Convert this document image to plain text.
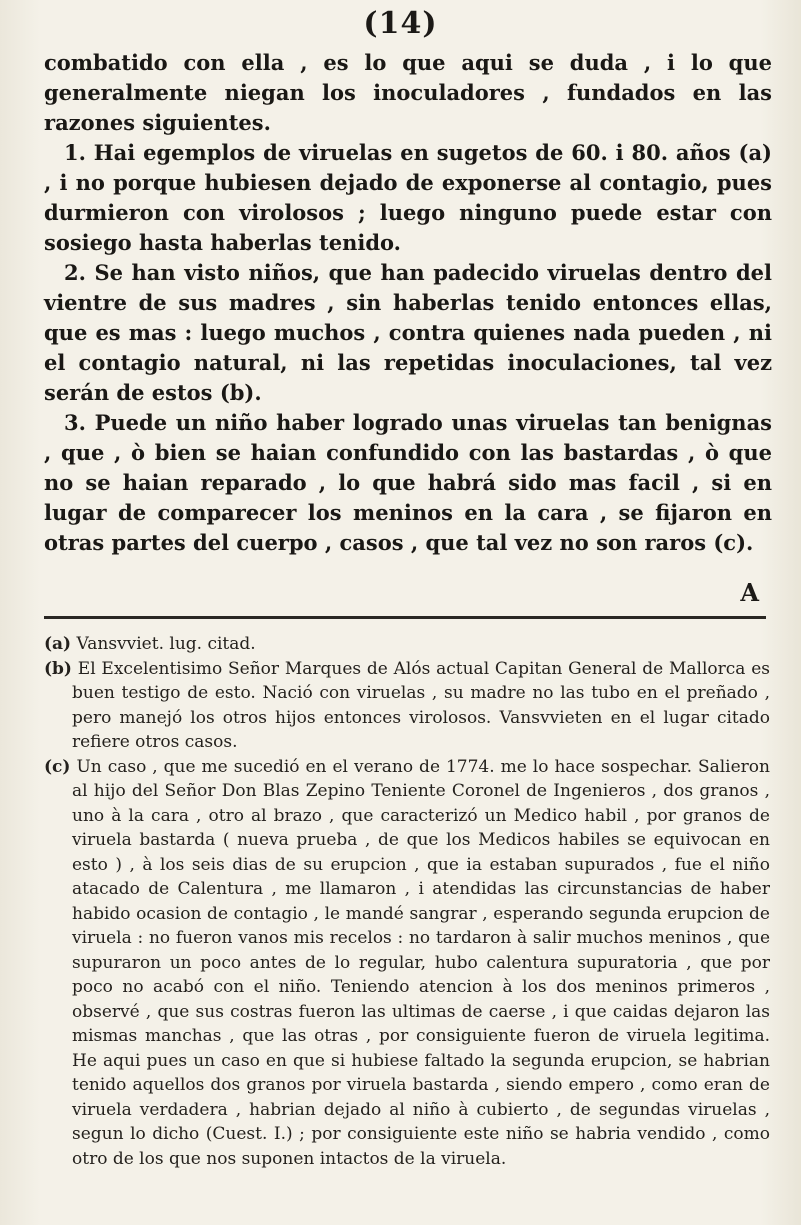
(14)

combatido con ella , es lo que aqui se duda , i lo que generalmente niegan los inoculadores , fundados en las razones siguientes.

1. Hai egemplos de viruelas en sugetos de 60. i 80. años (a) , i no porque hubiesen dejado de exponerse al contagio, pues durmieron con virolosos ; luego ninguno puede estar con sosiego hasta haberlas tenido.

2. Se han visto niños, que han padecido viruelas dentro del vientre de sus madres , sin haberlas tenido entonces ellas, que es mas : luego muchos , contra quienes nada pueden , ni el contagio natural, ni las repetidas inoculaciones, tal vez serán de estos (b).

3. Puede un niño haber logrado unas viruelas tan benignas , que , ò bien se haian confundido con las bastardas , ò que no se haian reparado , lo que habrá sido mas facil , si en lugar de comparecer los meninos en la cara , se fijaron en otras partes del cuerpo , casos , que tal vez no son raros (c).

A

(a) Vansvviet. lug. citad.

(b) El Excelentisimo Señor Marques de Alós actual Capitan General de Mallorca es buen testigo de esto. Nació con viruelas , su madre no las tubo en el preñado , pero manejó los otros hijos entonces virolosos. Vansvvieten en el lugar citado refiere otros casos.

(c) Un caso , que me sucedió en el verano de 1774. me lo hace sospechar. Salieron al hijo del Señor Don Blas Zepino Teniente Coronel de Ingenieros , dos granos , uno à la cara , otro al brazo , que caracterizó un Medico habil , por granos de viruela bastarda ( nueva prueba , de que los Medicos habiles se equivocan en esto ) , à los seis dias de su erupcion , que ia estaban supurados , fue el niño atacado de Calentura , me llamaron , i atendidas las circunstancias de haber habido ocasion de contagio , le mandé sangrar , esperando segunda erupcion de viruela : no fueron vanos mis recelos : no tardaron à salir muchos meninos , que supuraron un poco antes de lo regular, hubo calentura supuratoria , que por poco no acabó con el niño. Teniendo atencion à los dos meninos primeros , observé , que sus costras fueron las ultimas de caerse , i que caidas dejaron las mismas manchas , que las otras , por consiguiente fueron de viruela legitima. He aqui pues un caso en que si hubiese faltado la segunda erupcion, se habrian tenido aquellos dos granos por viruela bastarda , siendo empero , como eran de viruela verdadera , habrian dejado al niño à cubierto , de segundas viruelas , segun lo dicho (Cuest. I.) ; por consiguiente este niño se habria vendido , como otro de los que nos suponen intactos de la viruela.
